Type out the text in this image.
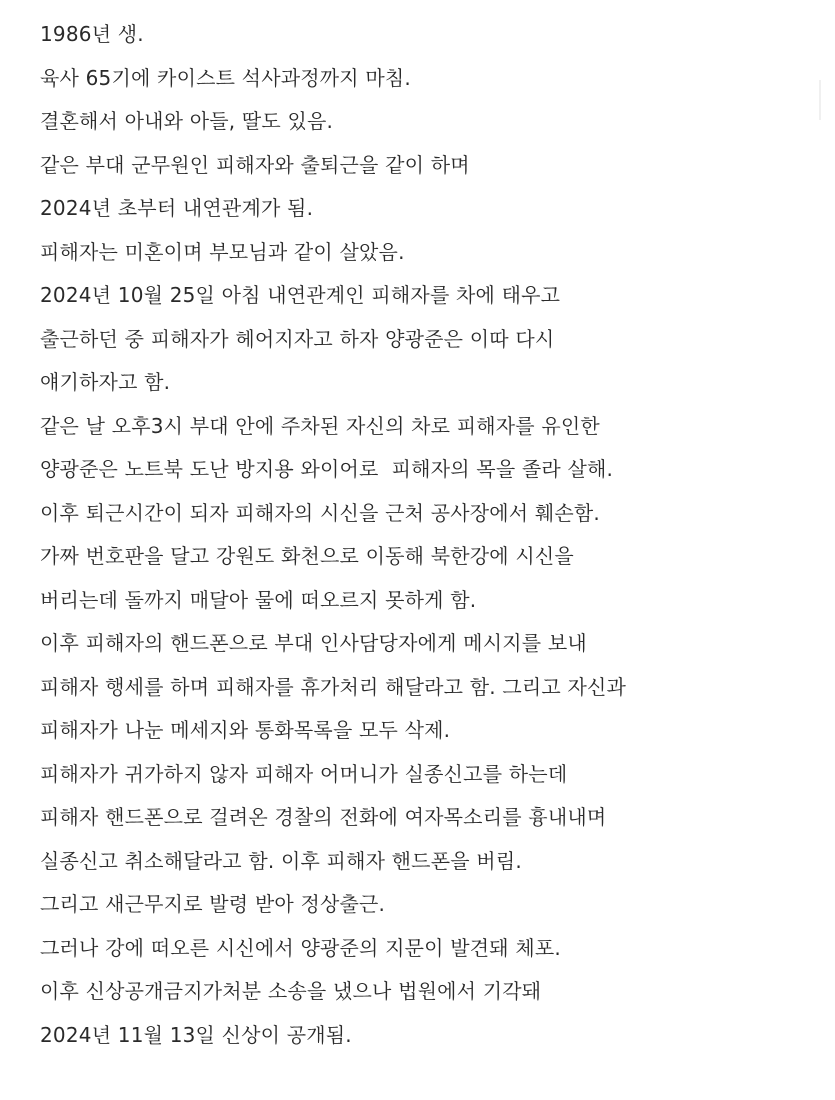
1986년 생.
육사 65기에 카이스트 석사과정까지 마침.
결혼해서 아내와 아들, 딸도 있음.
같은 부대 군무원인 피해자와 출퇴근을 같이 하며
2024년 초부터 내연관계가 됨.
피해자는 미혼이며 부모님과 같이 살았음.
2024년 10월 25일 아침 내연관계인 피해자를 차에 태우고
출근하던 중 피해자가 헤어지자고 하자 양광준은 이따 다시
얘기하자고 함.
같은 날 오후3시 부대 안에 주차된 자신의 차로 피해자를 유인한
양광준은 노트북 도난 방지용 와이어로  피해자의 목을 졸라 살해.
이후 퇴근시간이 되자 피해자의 시신을 근처 공사장에서 훼손함.
가짜 번호판을 달고 강원도 화천으로 이동해 북한강에 시신을
버리는데 돌까지 매달아 물에 떠오르지 못하게 함.
이후 피해자의 핸드폰으로 부대 인사담당자에게 메시지를 보내
피해자 행세를 하며 피해자를 휴가처리 해달라고 함. 그리고 자신과
피해자가 나눈 메세지와 통화목록을 모두 삭제.
피해자가 귀가하지 않자 피해자 어머니가 실종신고를 하는데
피해자 핸드폰으로 걸려온 경찰의 전화에 여자목소리를 흉내내며
실종신고 취소해달라고 함. 이후 피해자 핸드폰을 버림.
그리고 새근무지로 발령 받아 정상출근.
그러나 강에 떠오른 시신에서 양광준의 지문이 발견돼 체포.
이후 신상공개금지가처분 소송을 냈으나 법원에서 기각돼
2024년 11월 13일 신상이 공개됨.
